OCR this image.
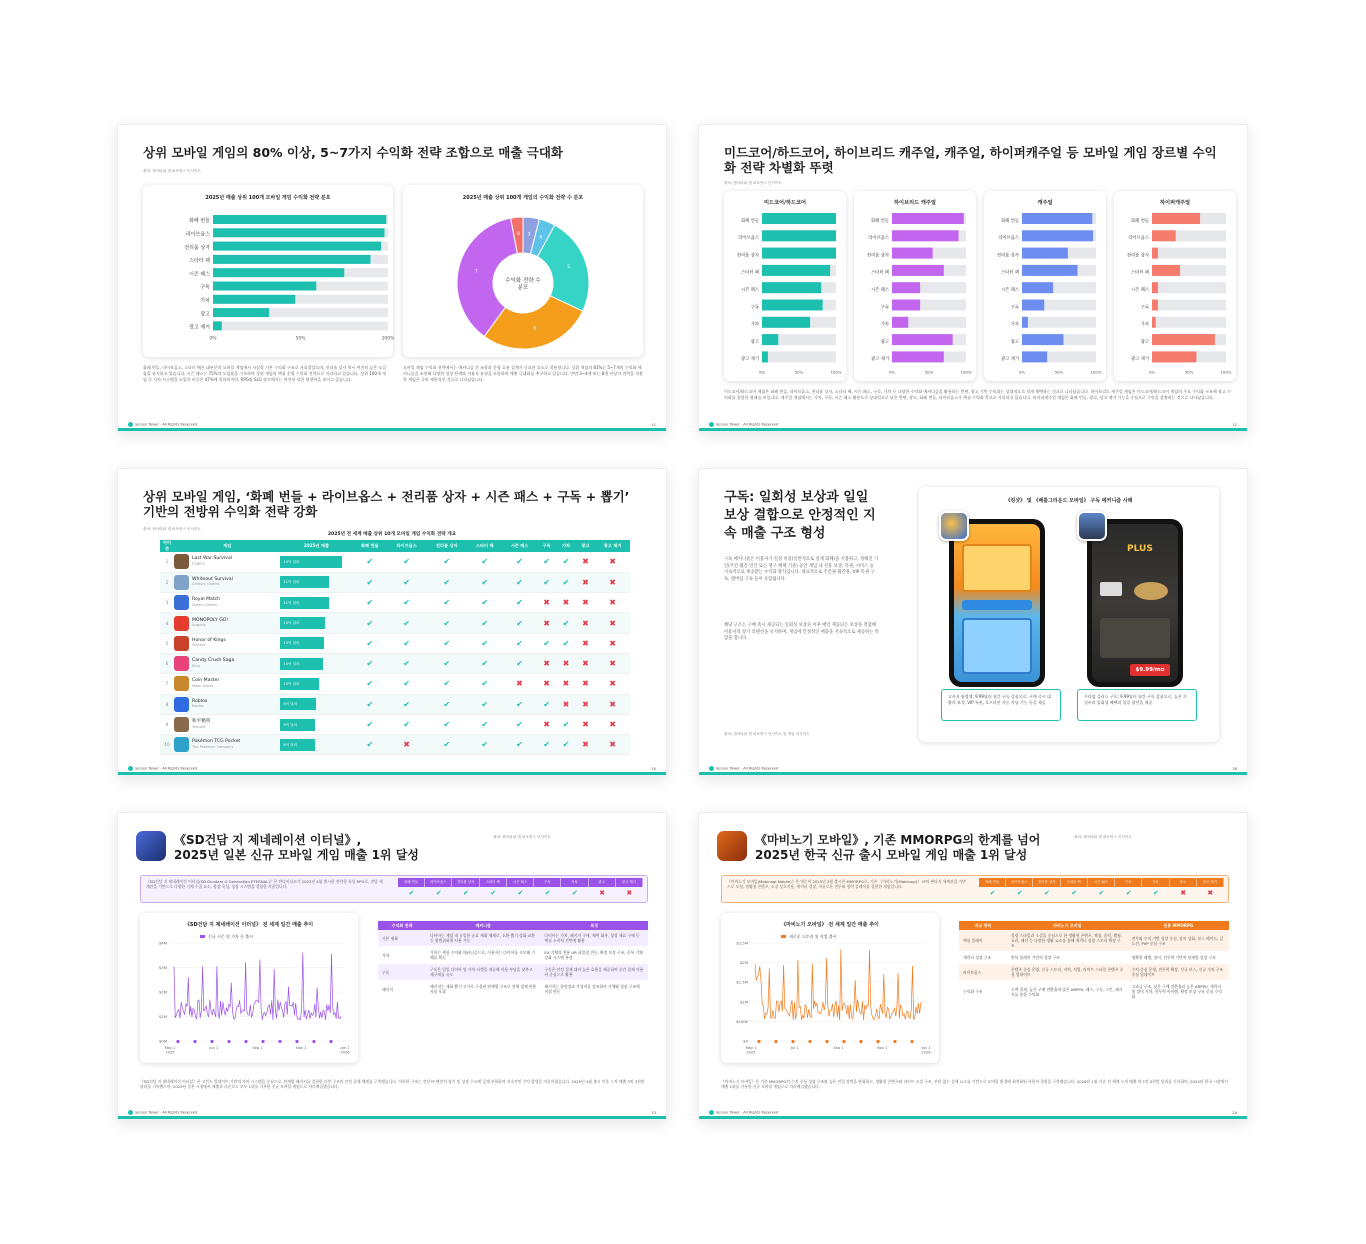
상위 모바일 게임의 80% 이상, 5~7가지 수익화 전략 조합으로 매출 극대화
출처: 센서타워 앱 퍼포먼스 인사이트
2025년 매출 상위 100개 모바일 게임 수익화 전략 분포
화폐 번들
라이브옵스
전리품 상자
스타터 팩
시즌 패스
구독
가차
광고
광고 제거
0%	50%	100%
2025년 매출 상위 100개 게임의 수익화 전략 수 분포
3
4
5
6
7
8
수익화 전략 수
분포
화폐 번들, 라이브옵스, 스타터 팩은 대부분의 모바일 게임에서 사실상 기본 수익화 구조로 자리잡았으며, 전리품 상자 역시 여전히 높은 도입률을 유지하고 있습니다. 시즌 패스는 75%의 도입률을 기록하며 상위 게임의 핵심 운영 수익화 전략으로 자리하고 있습니다. 상위 100개 게임 중 가차 시스템을 도입한 비중은 47%에 불과하지만, RPG와 SLG 장르에서는 여전히 강한 영향력을 보이고 있습니다.
모바일 게임 수익화 전략에서는 메커니즘 간 조합과 운영 흐름 설계가 중요한 요소로 작용합니다. 상위 게임의 83%는 5~7개의 수익화 메커니즘을 조합해 다양한 성장 단계와 이용자 유형을 포괄하며 매출 극대화를 추구하고 있습니다. 반면 3~4개 또는 8개 이상의 전략을 적용한 게임은 극히 제한적인 것으로 나타났습니다.
Sensor Tower · All Rights Reserved	11
미드코어/하드코어, 하이브리드 캐주얼, 캐주얼, 하이퍼캐주얼 등 모바일 게임 장르별 수익화 전략 차별화 뚜렷
출처: 센서타워 앱 퍼포먼스 인사이트
미드코어/하드코어
화폐 번들
라이브옵스
전리품 상자
스타터 팩
시즌 패스
구독
가차
광고
광고 제거
0%	50%	100%
하이브리드 캐주얼
화폐 번들
라이브옵스
전리품 상자
스타터 팩
시즌 패스
구독
가차
광고
광고 제거
0%	50%	100%
캐주얼
화폐 번들
라이브옵스
전리품 상자
스타터 팩
시즌 패스
구독
가차
광고
광고 제거
0%	50%	100%
하이퍼캐주얼
화폐 번들
라이브옵스
전리품 상자
스타터 팩
시즌 패스
구독
가차
광고
광고 제거
0%	50%	100%
미드코어/하드코어 게임은 화폐 번들, 라이브옵스, 전리품 상자, 스타터 팩, 시즌 패스, 구독, 가차 등 다양한 수익화 메커니즘을 활용하는 반면, 광고 기반 수익화는 상대적으로 적게 채택하는 것으로 나타났습니다. 하이브리드 캐주얼 게임은 미드코어/하드코어 게임의 주요 수익화 구조에 광고 수익화를 결합한 형태를 보입니다. 캐주얼 게임에서는 가차, 구독, 시즌 패스 활용도가 상대적으로 낮은 반면, 광고, 화폐 번들, 라이브옵스가 핵심 수익화 축으로 자리하고 있습니다. 하이퍼캐주얼 게임은 화폐 번들, 광고, 광고 제거 기능을 중심으로 수익을 창출하는 것으로 나타났습니다.
Sensor Tower · All Rights Reserved	12
상위 모바일 게임, ‘화폐 번들 + 라이브옵스 + 전리품 상자 + 시즌 패스 + 구독 + 뽑기’ 기반의 전방위 수익화 전략 강화
출처: 센서타워 앱 퍼포먼스 인사이트
2025년 전 세계 매출 상위 10개 모바일 게임 수익화 전략 개요
아이콘	게임	2025년 매출	화폐 번들	라이브옵스	전리품 상자	스타터 팩	시즌 패스	구독	가차	광고	광고 제거
1	Last War:Survival
FUNFLY	14억 달러	✔	✔	✔	✔	✔	✔	✔	✖	✖
2	Whiteout Survival
Century Games	11억 달러	✔	✔	✔	✔	✔	✔	✔	✖	✖
3	Royal Match
Dream Games	11억 달러	✔	✔	✔	✔	✔	✖	✖	✖	✖
4	MONOPOLY GO!
Scopely	10억 달러	✔	✔	✔	✔	✔	✖	✔	✖	✖
5	Honor of Kings
Tencent	10억 달러	✔	✔	✔	✔	✔	✔	✔	✖	✖
6	Candy Crush Saga
King	10억 달러	✔	✔	✔	✔	✔	✖	✖	✖	✖
7	Coin Master
Moon Active	10억 달러	✔	✔	✔	✔	✖	✖	✖	✖	✖
8	Roblox
Roblox	9억 달러	✔	✔	✔	✔	✔	✔	✖	✖	✖
9	和平精英
Tencent	9억 달러	✔	✔	✔	✔	✔	✖	✔	✖	✖
10	Pokémon TCG Pocket
The Pokémon Company	8억 달러	✔	✖	✔	✔	✔	✔	✔	✖	✖
Sensor Tower · All Rights Reserved	20
구독: 일회성 보상과 일일 보상 결합으로 안정적인 지속 매출 구조 형성
구독 메커니즘은 이용자가 일정 비용(일반적으로 실제 화폐)을 지불하고, 정해진 기간(주간·월간·연간 또는 영구 혜택 기준) 동안 게임 내 전용 보상, 특권, 서비스 등 지속적으로 제공받는 수익화 방식입니다. 대표적으로 주간권·월간권, VIP 특권 구독, 멤버십 구독 등이 포함됩니다.
해당 구조는 구매 즉시 제공되는 일회성 보상과 이후 매일 제공되는 보상을 결합해 이용자의 장기 리텐션을 유지하며, 게임에 안정적인 매출을 지속적으로 제공하는 역할을 합니다.
출처: 센서타워 앱 퍼포먼스 인사이트 및 게임 인사이트
《킹샷》 및 《배틀그라운드 모바일》 구독 메커니즘 사례
PLUS
$9.99/mo
고카지 월정액: 9.99달러 월간 구독 상품으로, 구매 즉시 대량의 보석, VIP 특권, 오프라인 자동 사냥 기능 등을 제공
프라임 플러스 구독: 9.99달러 월간 구독 상품으로, 높은 가성비의 일회성 혜택과 일일 할인을 제공
Sensor Tower · All Rights Reserved	38
《SD건담 지 제네레이션 이터널》,
2025년 일본 신규 모바일 게임 매출 1위 달성
출처: 센서타워 앱 퍼포먼스 인사이트
《SD건담 지 제네레이션 이터널(SD Gundam G Generation ETERNAL)》은 반다이남코가 2025년 4월 출시한 전략형 육성 RPG로, 전담 세계관을 기반으로 다양한 기체 수집 요소, 함장 육성, 성장 시스템을 결합한 작품입니다.
화폐 번들	라이브옵스	전리품 상자	스타터 팩	시즌 패스	구독	가차	광고	광고 제거
✔	✔	✔	✔	✔	✔	✔	✖	✖
《SD건담 지 제네레이션 이터널》 전 세계 일간 매출 추이
$0M
$1M
$2M
$3M
$4M
May 1
2025
Jun 1	Sep 1	Nov 1	Jan 1
2026
신규 시즌 및 가차 등 출시
수익화 전략	메커니즘	특징
기본 재화	다이아는 게임 내 유일한 유료 재화 체제로, 소환·뽑기·강화·교환 등 광범위하게 사용 가능	다이아는 가차, 패키지 구매, 체력 회복, 성장 재료 구매 등 핵심 소비처 전반에 활용
가차	가차는 핵심 수익화 메커니즘으로, 이용자는 다이아를 소모해 기체를 획득	EX 기체의 전용 UR 파일럿 연동, 확정 보상 구조, 중복 기체 강화 시스템 특징
구독	구독은 일일 다이아 및 가차 티켓을 제공해 비용 부담을 낮추고 재구매를 유도	구독은 안정 결제 대비 높은 효율을 제공하여 중간 결제 이용자 중심으로 활용
패키지	패키지는 재화·뽑기·고가로 구성된 단계별 구조로 전체 결제 이용자를 포괄	패키지는 한정성과 가성비를 강조하며 기체와 성장 구조에 직접 연동
《SD건담 지 제네레이션 이터널》은 고빈도 업데이트 기반의 가차 시스템을 중심으로, 단계별 패키지를 결합한 다층 구조의 안정 결제 체계를 구축했습니다. 이러한 구조는 건담 IP 팬층의 장기 및 성장 수요에 깊게 부합하며 지속적인 수익 발생을 이끌어냈습니다. 2025년 4월 출시 이후 누적 매출 3억 3천만 달러를 기록했으며, 2025년 일본 시장에서 매출과 다운로드 모두 1위를 기록한 신규 모바일 게임으로 자리매김했습니다.
Sensor Tower · All Rights Reserved	23
《마비노기 모바일》, 기존 MMORPG의 한계를 넘어
2025년 한국 신규 출시 모바일 게임 매출 1위 달성
출처: 센서타워 앱 퍼포먼스 인사이트
《마비노기 모바일(Mabinogi Mobile)》은 넥슨이 2025년 3월 출시한 MMORPG로, 기존 《마비노기(Mabinogi)》 IP의 판타지 세계관을 기반으로 모험, 생활형 콘텐츠, 소셜 상호작용, 캐릭터 성장, 자유로운 전투와 협력 플레이를 결합한 게임입니다.
화폐 번들	라이브옵스	전리품 상자	스타터 팩	시즌 패스	구독	가차	광고	광고 제거
✔	✔	✔	✔	✔	✔	✔	✖	✖
《마비노기 모바일》 전 세계 일간 매출 추이
$0
$500K
$1M
$1.5M
$2M
$2.5M
May 1
2025
Jul 1	Sep 1	Nov 1	Jan 1
2026
새로운 스토리 및 직업 출시
비교 항목	마비노기 모바일	전통 MMORPG
핵심 플레이	힐링 스타일과 소셜을 중심으로 한 생활형 콘텐츠, 채집, 음악, 캠핑, 요리, 패션 등 다양한 생활 요소를 통해 캐릭터 성장 스토리 확장 구조	전투와 수치 기반 성장 중심, 장비 강화, 보스 레이드, 길드전, PVP 중심 구조
캐릭터 성장 구조	반복 플레이 기반의 성장 구조	명확한 레벨, 장비, 전투력 기반의 단계별 성장 구조
라이브옵스	콘텐츠 중심 운영, 신규 스토리, 지역, 직업, 라이프 스타일 콘텐츠 중심 업데이트	수치 중심 운영, 전투력 확장, 신규 보스, 신규 가차 구조 중심 업데이트
수익화 구조	소액 결제, 높은 구매 전환율과 낮은 ARPPU, 패스, 구독, 스킨, 패키지를 통한 수익화	고과금 구조, 낮은 구매 전환율과 높은 ARPPU, 캐릭터 및 장비 가차, 전투력 아이템, 확정 보상 구조 중심 수익화
《마비노기 모바일》은 기존 MMORPG의 수치 중심 성장 구조와 높은 진입 장벽을 완화하고, 생활형 콘텐츠와 라이트 소셜 구조, 부담 없는 결제 요소를 기반으로 모바일 환경에 최적화된 사용자 경험을 구축했습니다. 2026년 1월 기준 전 세계 누적 매출 약 1억 5천만 달러를 기록하며, 2025년 한국 시장에서 매출 1위를 기록한 신규 모바일 게임으로 자리매김했습니다.
Sensor Tower · All Rights Reserved	24
